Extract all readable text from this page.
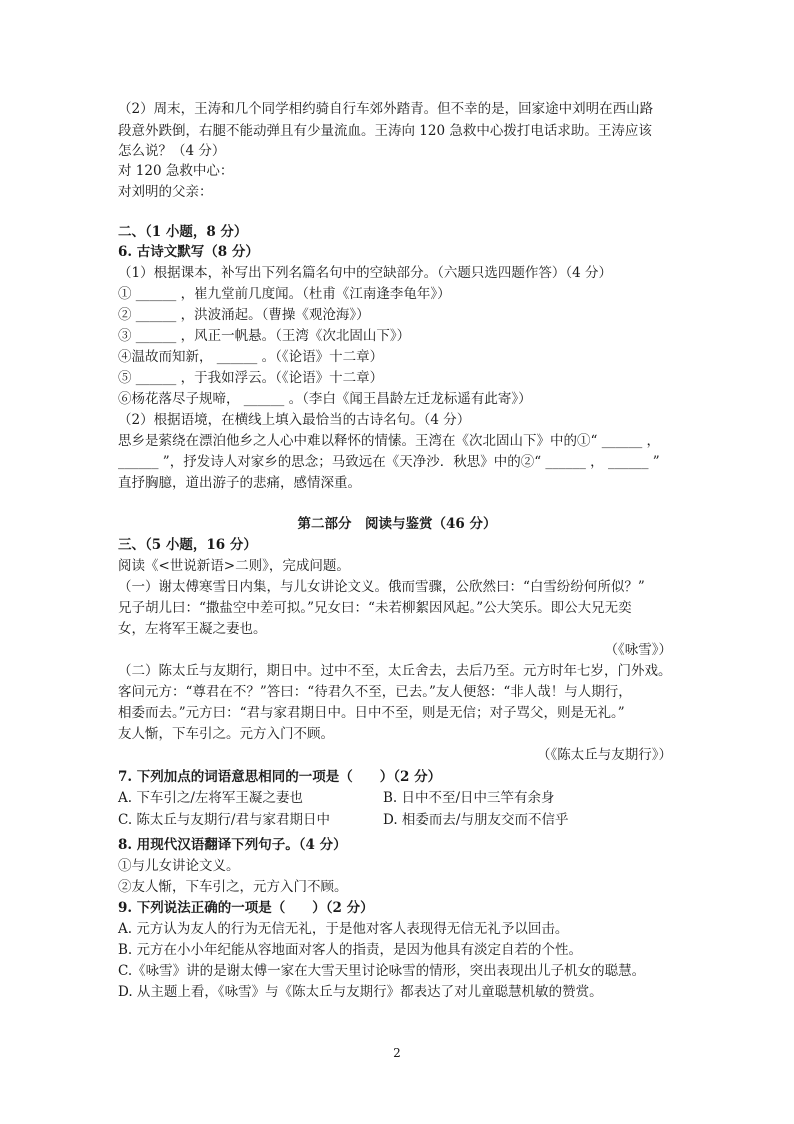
（2）周末，王涛和几个同学相约骑自行车郊外踏青。但不幸的是，回家途中刘明在西山路
段意外跌倒，右腿不能动弹且有少量流血。王涛向 120 急救中心拨打电话求助。王涛应该
怎么说？（4 分）
对 120 急救中心：
对刘明的父亲：
二、（1 小题，8 分）
6. 古诗文默写（8 分）
（1）根据课本，补写出下列名篇名句中的空缺部分。（六题只选四题作答）（4 分）
① ______ ，崔九堂前几度闻。（杜甫《江南逢李龟年》）
② ______ ，洪波涌起。（曹操《观沧海》）
③ ______ ，风正一帆悬。（王湾《次北固山下》）
④温故而知新， ______ 。（《论语》十二章）
⑤ ______ ，于我如浮云。（《论语》十二章）
⑥杨花落尽子规啼， ______ 。（李白《闻王昌龄左迁龙标遥有此寄》）
（2）根据语境，在横线上填入最恰当的古诗名句。（4 分）
思乡是萦绕在漂泊他乡之人心中难以释怀的情愫。王湾在《次北固山下》中的①“ ______ ，
______ ”，抒发诗人对家乡的思念；马致远在《天净沙．秋思》中的②“ ______ ， ______ ”
直抒胸臆，道出游子的悲痛，感情深重。
第二部分　阅读与鉴赏（46 分）
三、（5 小题，16 分）
阅读《<世说新语>二则》，完成问题。
（一）谢太傅寒雪日内集，与儿女讲论文义。俄而雪骤，公欣然曰：“白雪纷纷何所似？”
兄子胡儿曰：“撒盐空中差可拟。”兄女曰：“未若柳絮因风起。”公大笑乐。即公大兄无奕
女，左将军王凝之妻也。
（《咏雪》）
（二）陈太丘与友期行，期日中。过中不至，太丘舍去，去后乃至。元方时年七岁，门外戏。
客问元方：“尊君在不？”答曰：“待君久不至，已去。”友人便怒：“非人哉！与人期行，
相委而去。”元方曰：“君与家君期日中。日中不至，则是无信；对子骂父，则是无礼。”
友人惭，下车引之。元方入门不顾。
（《陈太丘与友期行》）
7. 下列加点的词语意思相同的一项是（　　）（2 分）
A. 下车引之/左将军王凝之妻也	B. 日中不至/日中三竿有余身
C. 陈太丘与友期行/君与家君期日中	D. 相委而去/与朋友交而不信乎
8. 用现代汉语翻译下列句子。（4 分）
①与儿女讲论文义。
②友人惭，下车引之，元方入门不顾。
9. 下列说法正确的一项是（　　）（2 分）
A. 元方认为友人的行为无信无礼，于是他对客人表现得无信无礼予以回击。
B. 元方在小小年纪能从容地面对客人的指责，是因为他具有淡定自若的个性。
C.《咏雪》讲的是谢太傅一家在大雪天里讨论咏雪的情形，突出表现出儿子机女的聪慧。
D. 从主题上看，《咏雪》与《陈太丘与友期行》都表达了对儿童聪慧机敏的赞赏。
2
